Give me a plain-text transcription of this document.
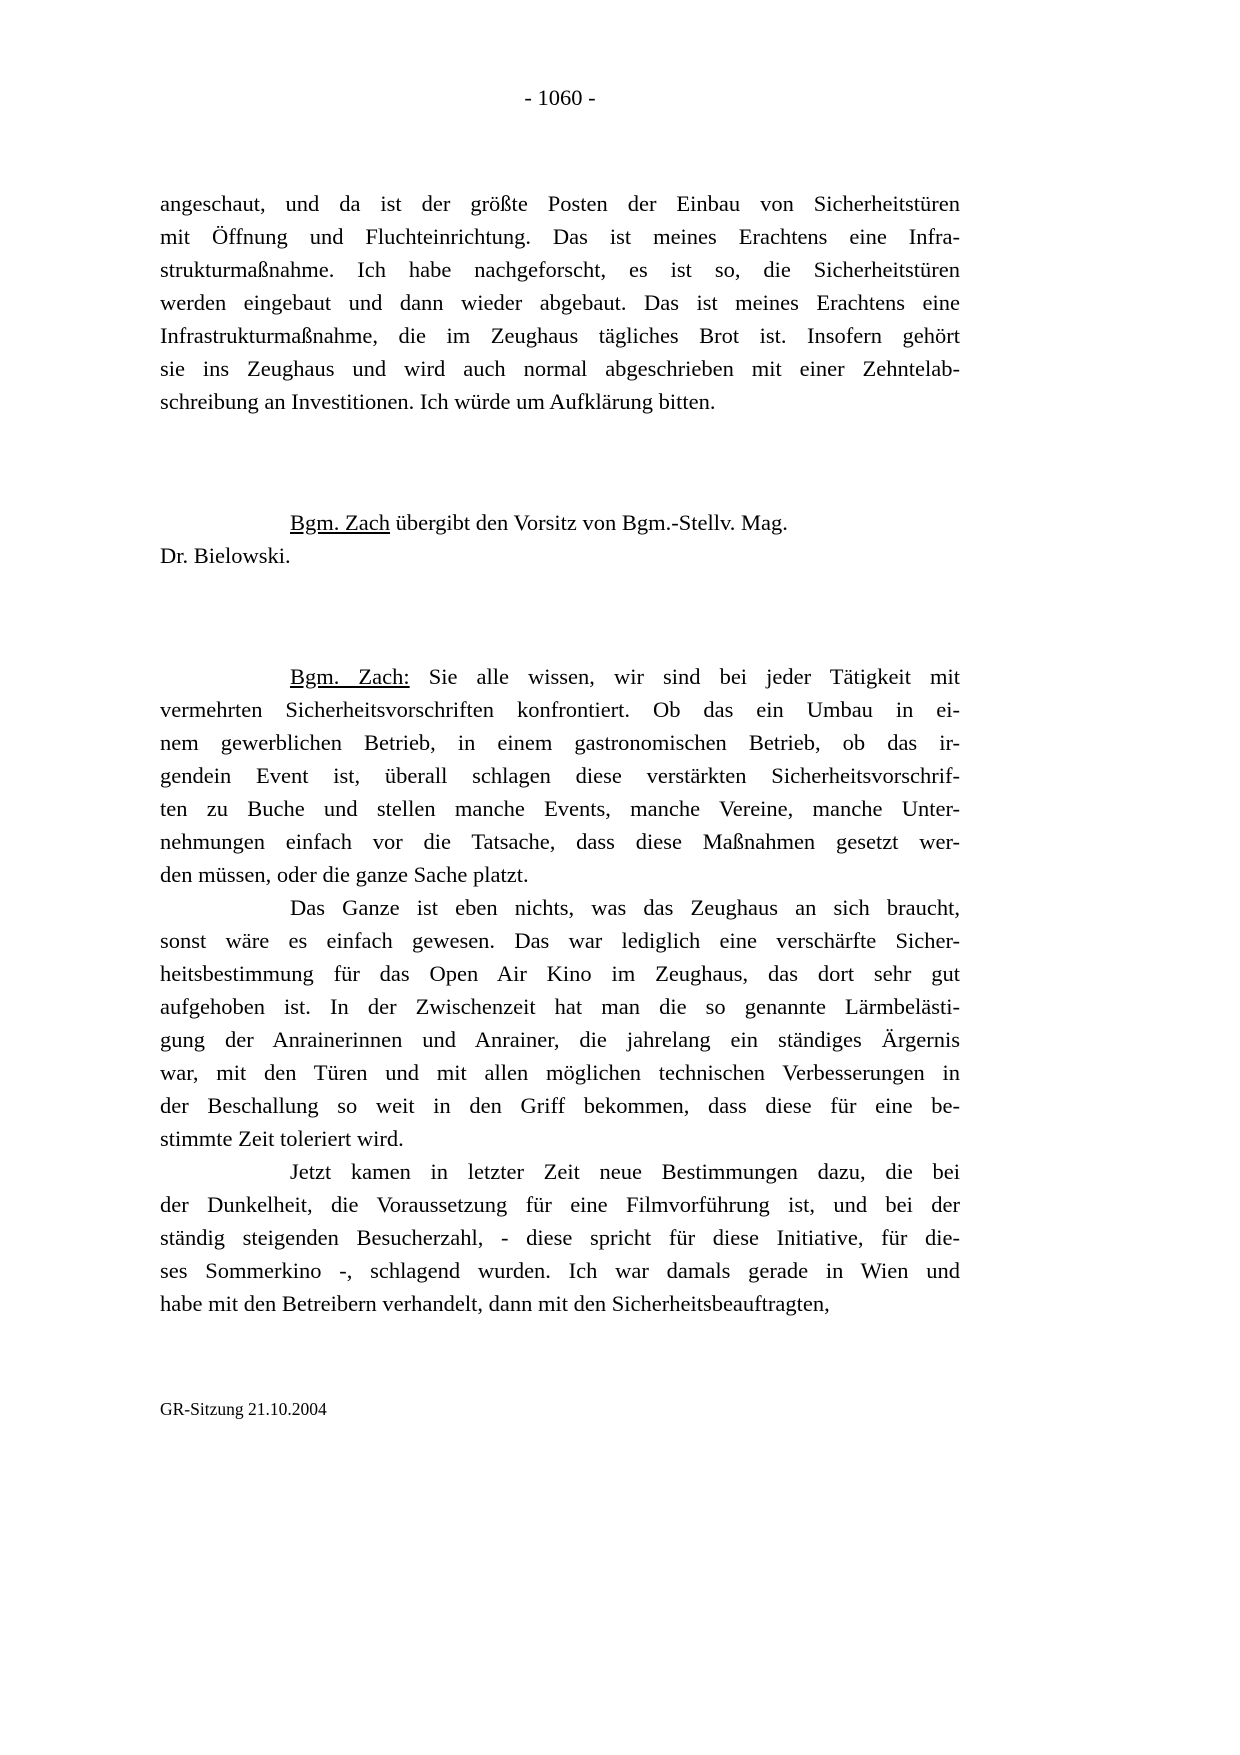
- 1060 -
angeschaut, und da ist der größte Posten der Einbau von Sicherheitstüren
mit Öffnung und Fluchteinrichtung. Das ist meines Erachtens eine Infra-
strukturmaßnahme. Ich habe nachgeforscht, es ist so, die Sicherheitstüren
werden eingebaut und dann wieder abgebaut. Das ist meines Erachtens eine
Infrastrukturmaßnahme, die im Zeughaus tägliches Brot ist. Insofern gehört
sie ins Zeughaus und wird auch normal abgeschrieben mit einer Zehntelab-
schreibung an Investitionen. Ich würde um Aufklärung bitten.
Bgm. Zach übergibt den Vorsitz von Bgm.-Stellv. Mag.
Dr. Bielowski.
Bgm. Zach: Sie alle wissen, wir sind bei jeder Tätigkeit mit
vermehrten Sicherheitsvorschriften konfrontiert. Ob das ein Umbau in ei-
nem gewerblichen Betrieb, in einem gastronomischen Betrieb, ob das ir-
gendein Event ist, überall schlagen diese verstärkten Sicherheitsvorschrif-
ten zu Buche und stellen manche Events, manche Vereine, manche Unter-
nehmungen einfach vor die Tatsache, dass diese Maßnahmen gesetzt wer-
den müssen, oder die ganze Sache platzt.
Das Ganze ist eben nichts, was das Zeughaus an sich braucht,
sonst wäre es einfach gewesen. Das war lediglich eine verschärfte Sicher-
heitsbestimmung für das Open Air Kino im Zeughaus, das dort sehr gut
aufgehoben ist. In der Zwischenzeit hat man die so genannte Lärmbelästi-
gung der Anrainerinnen und Anrainer, die jahrelang ein ständiges Ärgernis
war, mit den Türen und mit allen möglichen technischen Verbesserungen in
der Beschallung so weit in den Griff bekommen, dass diese für eine be-
stimmte Zeit toleriert wird.
Jetzt kamen in letzter Zeit neue Bestimmungen dazu, die bei
der Dunkelheit, die Voraussetzung für eine Filmvorführung ist, und bei der
ständig steigenden Besucherzahl, - diese spricht für diese Initiative, für die-
ses Sommerkino -, schlagend wurden. Ich war damals gerade in Wien und
habe mit den Betreibern verhandelt, dann mit den Sicherheitsbeauftragten,
GR-Sitzung 21.10.2004
